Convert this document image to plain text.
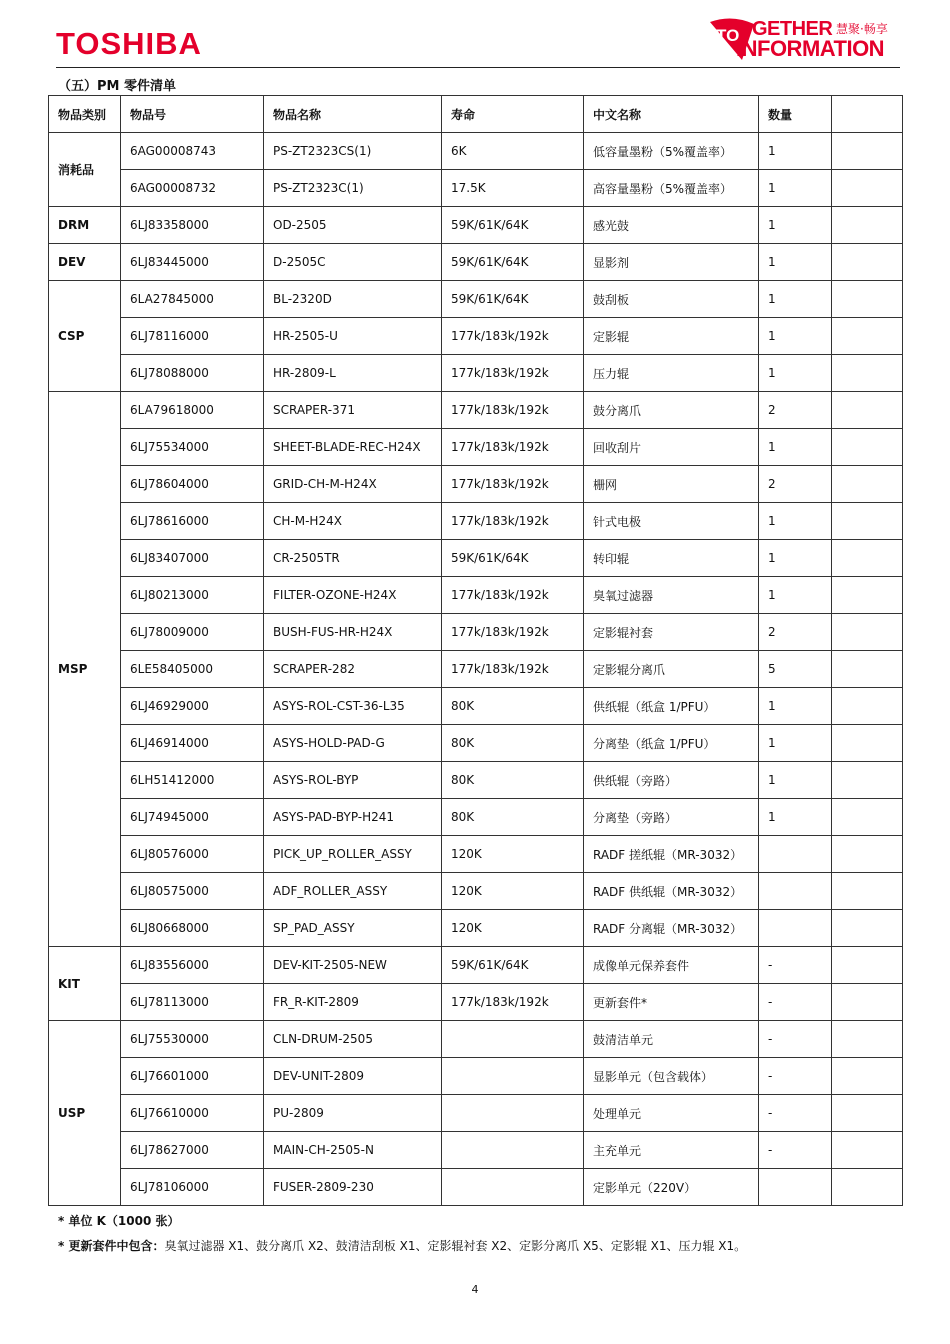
TOSHIBA	TO GETHER 慧聚·畅享
INFORMATION
（五）PM 零件清单
物品类别	物品号	物品名称	寿命	中文名称	数量	
消耗品	6AG00008743	PS-ZT2323CS(1)	6K	低容量墨粉（5%覆盖率）	1	
	6AG00008732	PS-ZT2323C(1)	17.5K	高容量墨粉（5%覆盖率）	1	
DRM	6LJ83358000	OD-2505	59K/61K/64K	感光鼓	1	
DEV	6LJ83445000	D-2505C	59K/61K/64K	显影剂	1	
CSP	6LA27845000	BL-2320D	59K/61K/64K	鼓刮板	1	
	6LJ78116000	HR-2505-U	177k/183k/192k	定影辊	1	
	6LJ78088000	HR-2809-L	177k/183k/192k	压力辊	1	
MSP	6LA79618000	SCRAPER-371	177k/183k/192k	鼓分离爪	2	
	6LJ75534000	SHEET-BLADE-REC-H24X	177k/183k/192k	回收刮片	1	
	6LJ78604000	GRID-CH-M-H24X	177k/183k/192k	栅网	2	
	6LJ78616000	CH-M-H24X	177k/183k/192k	针式电极	1	
	6LJ83407000	CR-2505TR	59K/61K/64K	转印辊	1	
	6LJ80213000	FILTER-OZONE-H24X	177k/183k/192k	臭氧过滤器	1	
	6LJ78009000	BUSH-FUS-HR-H24X	177k/183k/192k	定影辊衬套	2	
	6LE58405000	SCRAPER-282	177k/183k/192k	定影辊分离爪	5	
	6LJ46929000	ASYS-ROL-CST-36-L35	80K	供纸辊（纸盒 1/PFU）	1	
	6LJ46914000	ASYS-HOLD-PAD-G	80K	分离垫（纸盒 1/PFU）	1	
	6LH51412000	ASYS-ROL-BYP	80K	供纸辊（旁路）	1	
	6LJ74945000	ASYS-PAD-BYP-H241	80K	分离垫（旁路）	1	
	6LJ80576000	PICK_UP_ROLLER_ASSY	120K	RADF 搓纸辊（MR-3032）		
	6LJ80575000	ADF_ROLLER_ASSY	120K	RADF 供纸辊（MR-3032）		
	6LJ80668000	SP_PAD_ASSY	120K	RADF 分离辊（MR-3032）		
KIT	6LJ83556000	DEV-KIT-2505-NEW	59K/61K/64K	成像单元保养套件	-	
	6LJ78113000	FR_R-KIT-2809	177k/183k/192k	更新套件*	-	
USP	6LJ75530000	CLN-DRUM-2505		鼓清洁单元	-	
	6LJ76601000	DEV-UNIT-2809		显影单元（包含载体）	-	
	6LJ76610000	PU-2809		处理单元	-	
	6LJ78627000	MAIN-CH-2505-N		主充单元	-	
	6LJ78106000	FUSER-2809-230		定影单元（220V）		
* 单位 K（1000 张）
* 更新套件中包含：臭氧过滤器 X1、鼓分离爪 X2、鼓清洁刮板 X1、定影辊衬套 X2、定影分离爪 X5、定影辊 X1、压力辊 X1。
4
